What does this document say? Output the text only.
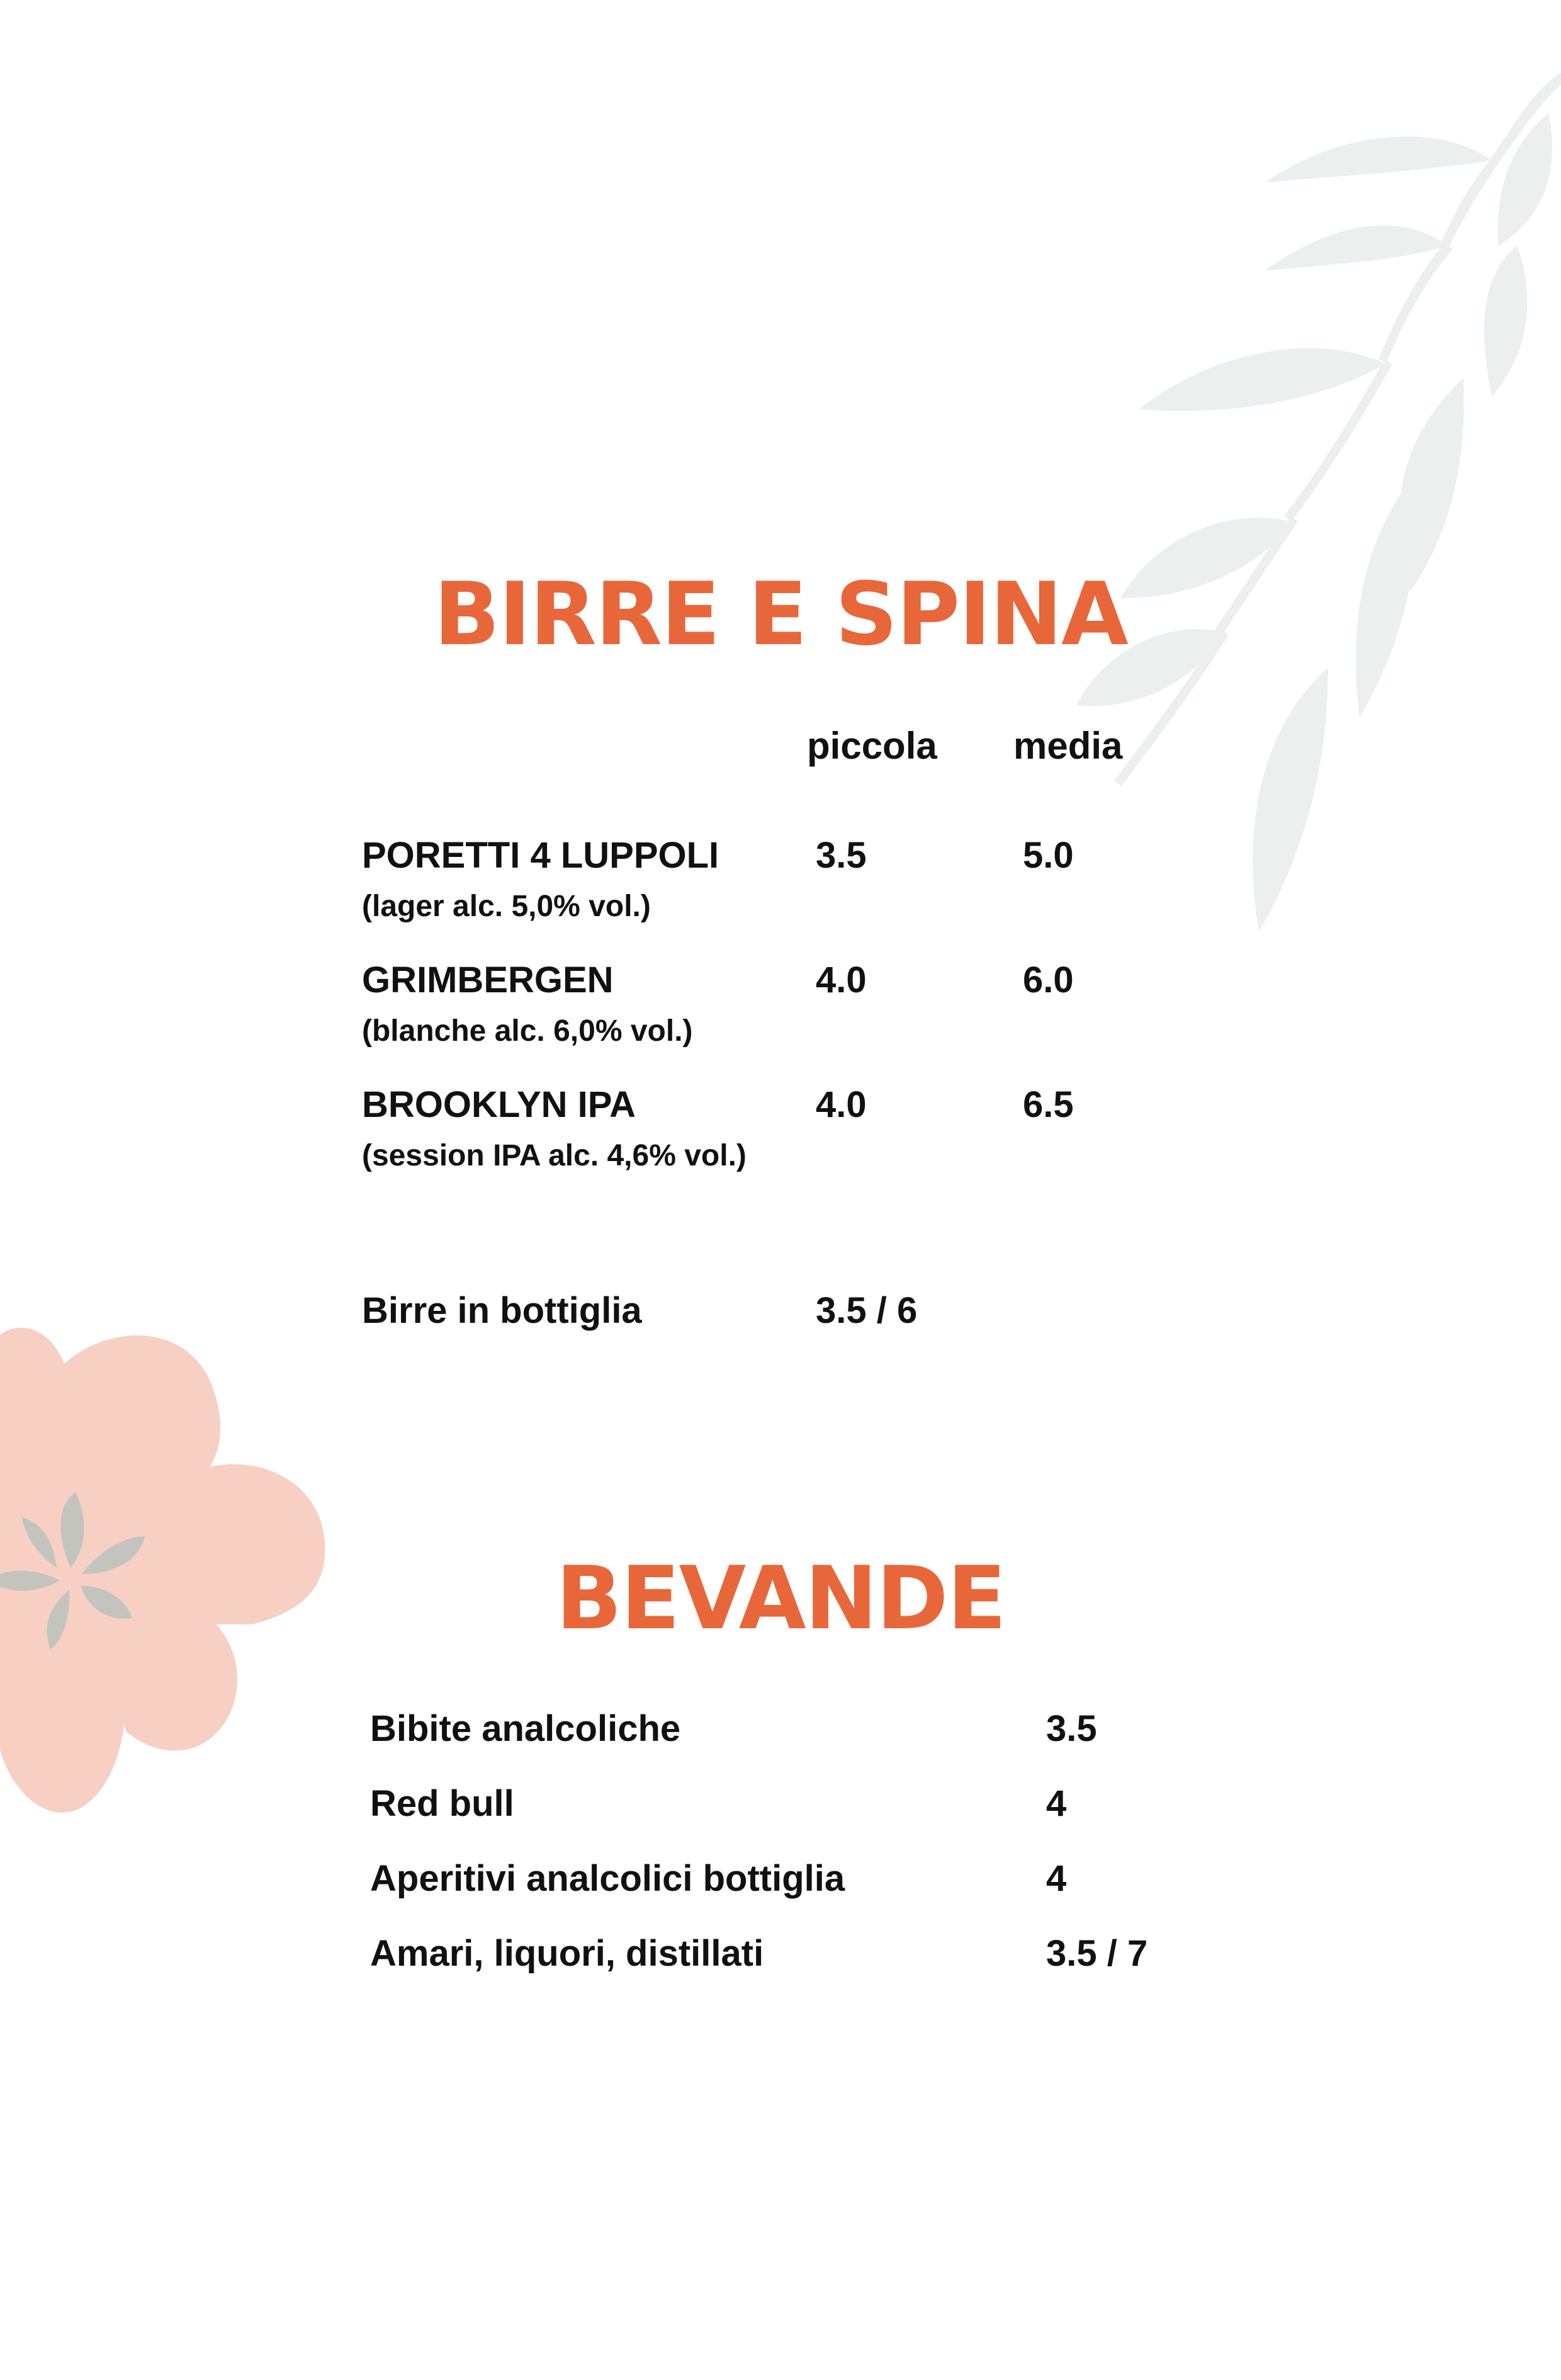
BIRRE E SPINA
piccola media
PORETTI 4 LUPPOLI
(lager alc. 5,0% vol.)
3.5	5.0
GRIMBERGEN
(blanche alc. 6,0% vol.)
4.0	6.0
BROOKLYN IPA
(session IPA alc. 4,6% vol.)
4.0	6.5
Birre in bottiglia	3.5 / 6
BEVANDE
Bibite analcoliche	3.5
Red bull	4
Aperitivi analcolici bottiglia	4
Amari, liquori, distillati	3.5 / 7
